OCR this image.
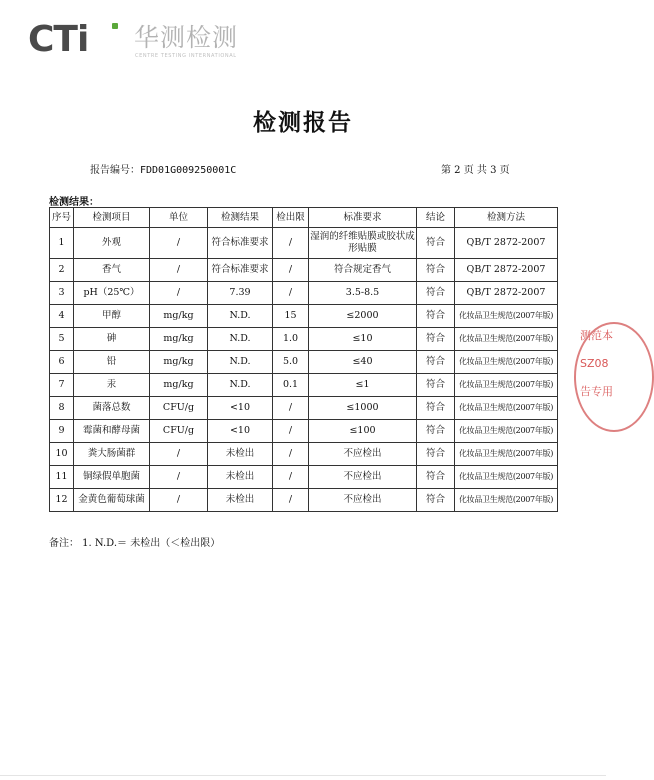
CTi 华测检测
CENTRE TESTING INTERNATIONAL
检测报告
报告编号：FDD01G009250001C	第 2 页 共 3 页
检测结果：
序号	检测项目	单位	检测结果	检出限	标准要求	结论	检测方法
1	外观	/	符合标准要求	/	湿润的纤维贴膜或胶状成形贴膜	符合	QB/T 2872-2007
2	香气	/	符合标准要求	/	符合规定香气	符合	QB/T 2872-2007
3	pH（25℃）	/	7.39	/	3.5-8.5	符合	QB/T 2872-2007
4	甲醇	mg/kg	N.D.	15	≤2000	符合	化妆品卫生规范(2007年版)
5	砷	mg/kg	N.D.	1.0	≤10	符合	化妆品卫生规范(2007年版)
6	铅	mg/kg	N.D.	5.0	≤40	符合	化妆品卫生规范(2007年版)
7	汞	mg/kg	N.D.	0.1	≤1	符合	化妆品卫生规范(2007年版)
8	菌落总数	CFU/g	<10	/	≤1000	符合	化妆品卫生规范(2007年版)
9	霉菌和酵母菌	CFU/g	<10	/	≤100	符合	化妆品卫生规范(2007年版)
10	粪大肠菌群	/	未检出	/	不应检出	符合	化妆品卫生规范(2007年版)
11	铜绿假单胞菌	/	未检出	/	不应检出	符合	化妆品卫生规范(2007年版)
12	金黄色葡萄球菌	/	未检出	/	不应检出	符合	化妆品卫生规范(2007年版)
备注： 1. N.D.＝ 未检出（＜检出限）
测范本
SZ08
告专用
